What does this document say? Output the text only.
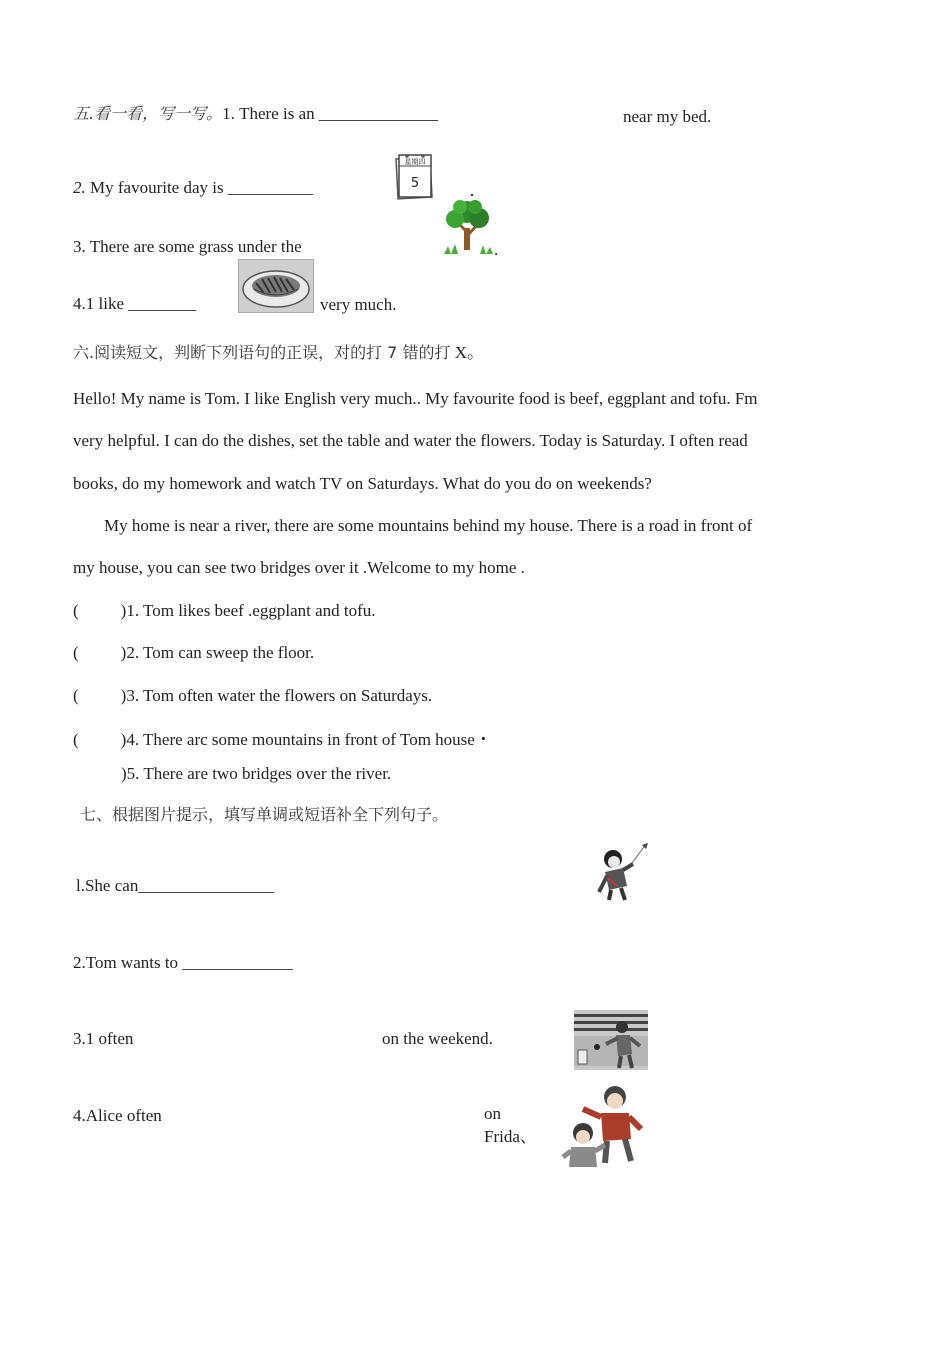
五.看一看，写一写。1. There is an ______________	near my bed.
2. My favourite day is __________
星期四
5
3. There are some grass under the	.
4.1 like ________	very much.
六.阅读短文，判断下列语句的正误，对的打 7 错的打 X。
Hello! My name is Tom. I like English very much.. My favourite food is beef, eggplant and tofu. Fm
very helpful. I can do the dishes, set the table and water the flowers. Today is Saturday. I often read
books, do my homework and watch TV on Saturdays. What do you do on weekends?
My home is near a river, there are some mountains behind my house. There is a road in front of
my house, you can see two bridges over it .Welcome to my home .
( )1. Tom likes beef .eggplant and tofu.
( )2. Tom can sweep the floor.
( )3. Tom often water the flowers on Saturdays.
( )4. There arc some mountains in front of Tom house・
)5. There are two bridges over the river.
七、根据图片提示，填写单调或短语补全下列句子。
l.She can________________
2.Tom wants to _____________
3.1 often	on the weekend.
4.Alice often	on
Frida、
